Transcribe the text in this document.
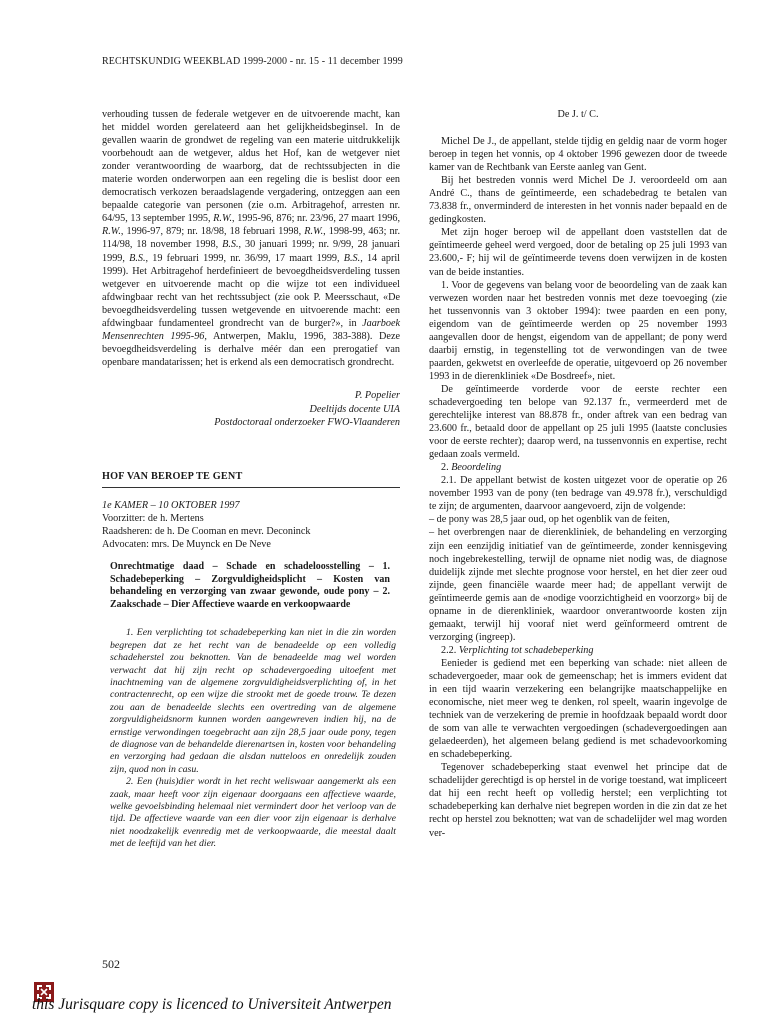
RECHTSKUNDIG WEEKBLAD 1999-2000 - nr. 15 - 11 december 1999

verhouding tussen de federale wetgever en de uitvoerende macht, kan het middel worden gerelateerd aan het gelijkheidsbeginsel. In de gevallen waarin de grondwet de regeling van een materie uitdrukkelijk voorbehoudt aan de wetgever, aldus het Hof, kan de wetgever niet zonder verantwoording de waarborg, dat de rechtssubjecten in die materie worden onderworpen aan een regeling die is beslist door een democratisch verkozen beraadslagende vergadering, ontzeggen aan een bepaalde categorie van personen (zie o.m. Arbitragehof, arresten nr. 64/95, 13 september 1995, R.W., 1995-96, 876; nr. 23/96, 27 maart 1996, R.W., 1996-97, 879; nr. 18/98, 18 februari 1998, R.W., 1998-99, 463; nr. 114/98, 18 november 1998, B.S., 30 januari 1999; nr. 9/99, 28 januari 1999, B.S., 19 februari 1999, nr. 36/99, 17 maart 1999, B.S., 14 april 1999). Het Arbitragehof herdefinieert de bevoegdheidsverdeling tussen wetgever en uitvoerende macht op die wijze tot een individueel afdwingbaar recht van het rechtssubject (zie ook P. Meersschaut, «De bevoegdheidsverdeling tussen wetgevende en uitvoerende macht: een afdwingbaar fundamenteel grondrecht van de burger?», in Jaarboek Mensenrechten 1995-96, Antwerpen, Maklu, 1996, 383-388). Deze bevoegdheidsverdeling is derhalve méér dan een prerogatief van openbare mandatarissen; het is erkend als een democratisch grondrecht.

P. Popelier
Deeltijds docente UIA
Postdoctoraal onderzoeker FWO-Vlaanderen
HOF VAN BEROEP TE GENT
1e KAMER – 10 OKTOBER 1997
Voorzitter: de h. Mertens
Raadsheren: de h. De Cooman en mevr. Deconinck
Advocaten: mrs. De Muynck en De Neve
Onrechtmatige daad – Schade en schadeloosstelling – 1. Schadebeperking – Zorgvuldigheidsplicht – Kosten van behandeling en verzorging van zwaar gewonde, oude pony – 2. Zaakschade – Dier Affectieve waarde en verkoopwaarde

1. Een verplichting tot schadebeperking kan niet in die zin worden begrepen dat ze het recht van de benadeelde op een volledig schadeherstel zou beknotten. Van de benadeelde mag wel worden verwacht dat hij zijn recht op schadevergoeding uitoefent met inachtneming van de algemene zorgvuldigheidsverplichting of, in het contractenrecht, op een wijze die strookt met de goede trouw. Te dezen zou aan de benadeelde slechts een overtreding van de algemene zorgvuldigheidsnorm kunnen worden aangewreven indien hij, na de ernstige verwondingen toegebracht aan zijn 28,5 jaar oude pony, tegen de diagnose van de behandelde dierenartsen in, kosten voor behandeling en verzorging had gedaan die alsdan nutteloos en onredelijk zouden zijn, quod non in casu.

2. Een (huis)dier wordt in het recht weliswaar aangemerkt als een zaak, maar heeft voor zijn eigenaar doorgaans een affectieve waarde, welke gevoelsbinding helemaal niet vermindert door het verloop van de tijd. De affectieve waarde van een dier voor zijn eigenaar is derhalve niet noodzakelijk evenredig met de verkoopwaarde, die meestal daalt met de leeftijd van het dier.

De J. t/ C.

Michel De J., de appellant, stelde tijdig en geldig naar de vorm hoger beroep in tegen het vonnis, op 4 oktober 1996 gewezen door de tweede kamer van de Rechtbank van Eerste aanleg van Gent.

Bij het bestreden vonnis werd Michel De J. veroordeeld om aan André C., thans de geïntimeerde, een schadebedrag te betalen van 73.838 fr., onverminderd de interesten in het vonnis nader bepaald en de gedingkosten.

Met zijn hoger beroep wil de appellant doen vaststellen dat de geïntimeerde geheel werd vergoed, door de betaling op 25 juli 1993 van 23.600,- F; hij wil de geïntimeerde tevens doen verwijzen in de kosten van de beide instanties.

1. Voor de gegevens van belang voor de beoordeling van de zaak kan verwezen worden naar het bestreden vonnis met deze toevoeging (zie het tussenvonnis van 3 oktober 1994): twee paarden en een pony, eigendom van de geïntimeerde werden op 25 november 1993 aangevallen door de hengst, eigendom van de appellant; de pony werd daarbij ernstig, in tegenstelling tot de verwondingen van de twee paarden, gekwetst en overleefde de operatie, uitgevoerd op 26 november 1993 in de dierenkliniek «De Bosdreef», niet.

De geïntimeerde vorderde voor de eerste rechter een schadevergoeding ten belope van 92.137 fr., vermeerderd met de gerechtelijke interest van 88.878 fr., onder aftrek van een bedrag van 23.600 fr., betaald door de appellant op 25 juli 1995 (laatste conclusies voor de eerste rechter); daarop werd, na tussenvonnis en expertise, recht gedaan zoals vermeld.

2. Beoordeling

2.1. De appellant betwist de kosten uitgezet voor de operatie op 26 november 1993 van de pony (ten bedrage van 49.978 fr.), verschuldigd te zijn; de argumenten, daarvoor aangevoerd, zijn de volgende:

– de pony was 28,5 jaar oud, op het ogenblik van de feiten,

– het overbrengen naar de dierenkliniek, de behandeling en verzorging zijn een eenzijdig initiatief van de geïntimeerde, zonder kennisgeving noch ingebrekestelling, terwijl de opname niet nodig was, de diagnose duidelijk zijnde met slechte prognose voor herstel, en het dier zeer oud zijnde, geen financiële waarde meer had; de appellant verwijt de geïntimeerde gemis aan de «nodige voorzichtigheid en voorzorg» bij de opname in de dierenkliniek, waardoor onverantwoorde kosten zijn gemaakt, terwijl hij vooraf niet werd geïnformeerd omtrent de verzorging (ingreep).

2.2. Verplichting tot schadebeperking

Eenieder is gediend met een beperking van schade: niet alleen de schadevergoeder, maar ook de gemeenschap; het is immers evident dat in een tijd waarin verzekering een belangrijke maatschappelijke en economische, niet meer weg te denken, rol speelt, waarin ingevolge de techniek van de verzekering de premie in hoofdzaak bepaald wordt door de som van alle te verwachten vergoedingen (schadevergoedingen aan gelaedeerden), het algemeen belang gediend is met schadevoorkoming en schadebeperking.

Tegenover schadebeperking staat evenwel het principe dat de schadelijder gerechtigd is op herstel in de vorige toestand, wat impliceert dat hij een recht heeft op volledig herstel; een verplichting tot schadebeperking kan derhalve niet begrepen worden in die zin dat ze het recht op herstel zou beknotten; wat van de schadelijder wel mag worden ver-

502
this Jurisquare copy is licenced to Universiteit Antwerpen
